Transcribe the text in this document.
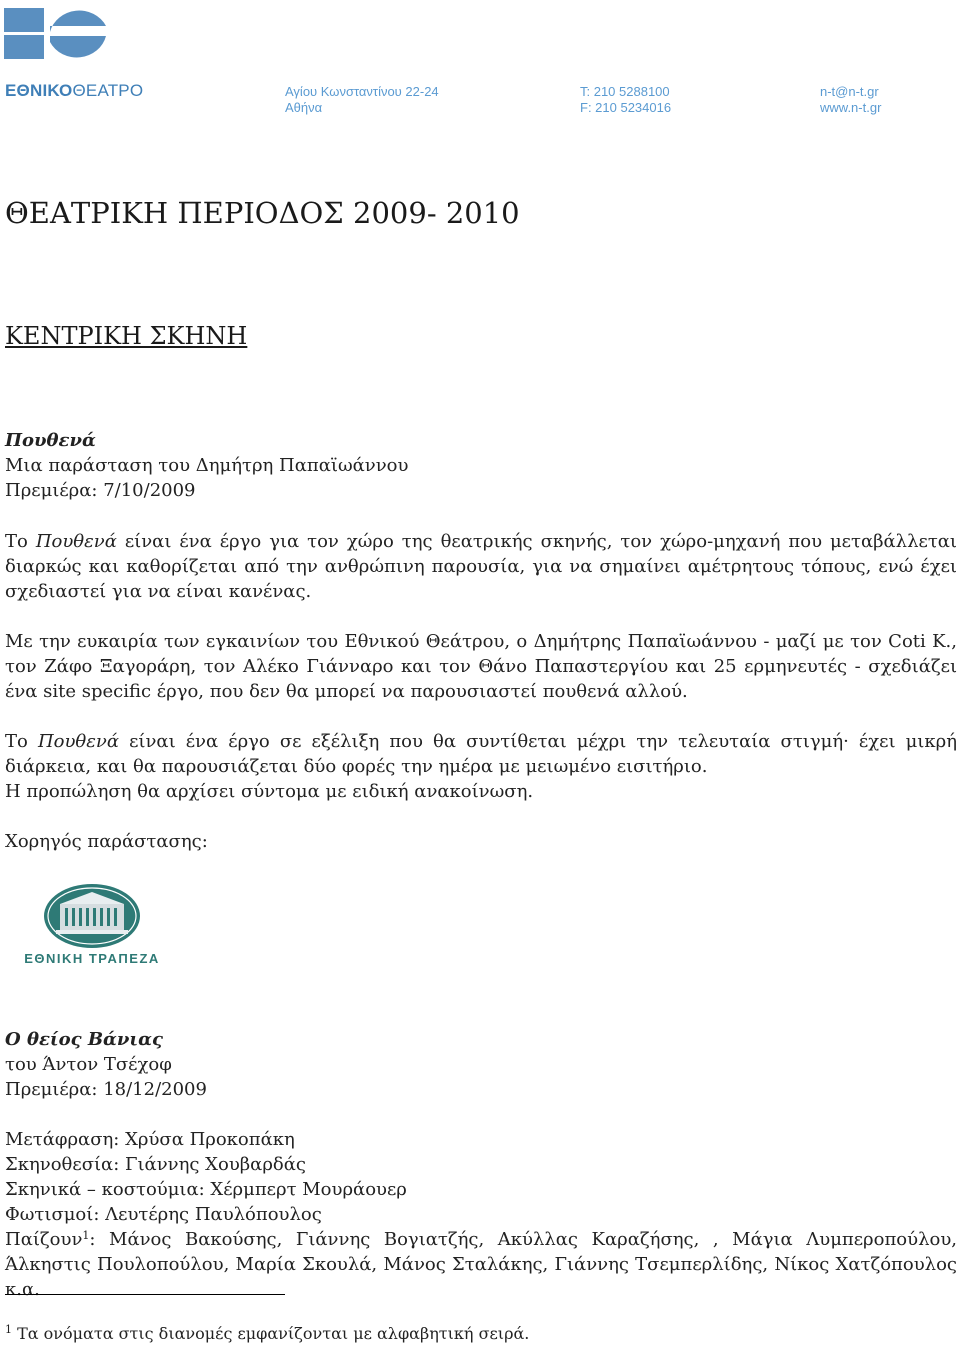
ΕΘΝΙΚΟΘΕΑΤΡΟ	Αγίου Κωνσταντίνου 22-24
Αθήνα
T: 210 5288100
F: 210 5234016
n-t@n-t.gr
www.n-t.gr
ΘΕΑΤΡΙΚΗ ΠΕΡΙΟΔΟΣ 2009- 2010
ΚΕΝΤΡΙΚΗ ΣΚΗΝΗ
Πουθενά
Μια παράσταση του Δημήτρη Παπαϊωάννου
Πρεμιέρα: 7/10/2009
Το Πουθενά είναι ένα έργο για τον χώρο της θεατρικής σκηνής, τον χώρο-μηχανή που μεταβάλλεται διαρκώς και καθορίζεται από την ανθρώπινη παρουσία, για να σημαίνει αμέτρητους τόπους, ενώ έχει σχεδιαστεί για να είναι κανένας.
Με την ευκαιρία των εγκαινίων του Εθνικού Θεάτρου, ο Δημήτρης Παπαϊωάννου - μαζί με τον Coti K., τον Ζάφο Ξαγοράρη, τον Αλέκο Γιάνναρο και τον Θάνο Παπαστεργίου και 25 ερμηνευτές - σχεδιάζει ένα site specific έργο, που δεν θα μπορεί να παρουσιαστεί πουθενά αλλού.
Το Πουθενά είναι ένα έργο σε εξέλιξη που θα συντίθεται μέχρι την τελευταία στιγμή· έχει μικρή διάρκεια, και θα παρουσιάζεται δύο φορές την ημέρα με μειωμένο εισιτήριο.
Η προπώληση θα αρχίσει σύντομα με ειδική ανακοίνωση.
Χορηγός παράστασης:
ΕΘΝΙΚΗ ΤΡΑΠΕΖΑ
Ο θείος Βάνιας
του Άντον Τσέχοφ
Πρεμιέρα: 18/12/2009
Μετάφραση: Χρύσα Προκοπάκη
Σκηνοθεσία: Γιάννης Χουβαρδάς
Σκηνικά – κοστούμια: Χέρμπερτ Μουράουερ
Φωτισμοί: Λευτέρης Παυλόπουλος
Παίζουν$^1$: Μάνος Βακούσης, Γιάννης Βογιατζής, Ακύλλας Καραζήσης, , Μάγια Λυμπεροπούλου, Άλκηστις Πουλοπούλου, Μαρία Σκουλά, Μάνος Σταλάκης, Γιάννης Τσεμπερλίδης, Νίκος Χατζόπουλος κ.α.
$^1$ Τα ονόματα στις διανομές εμφανίζονται με αλφαβητική σειρά.
